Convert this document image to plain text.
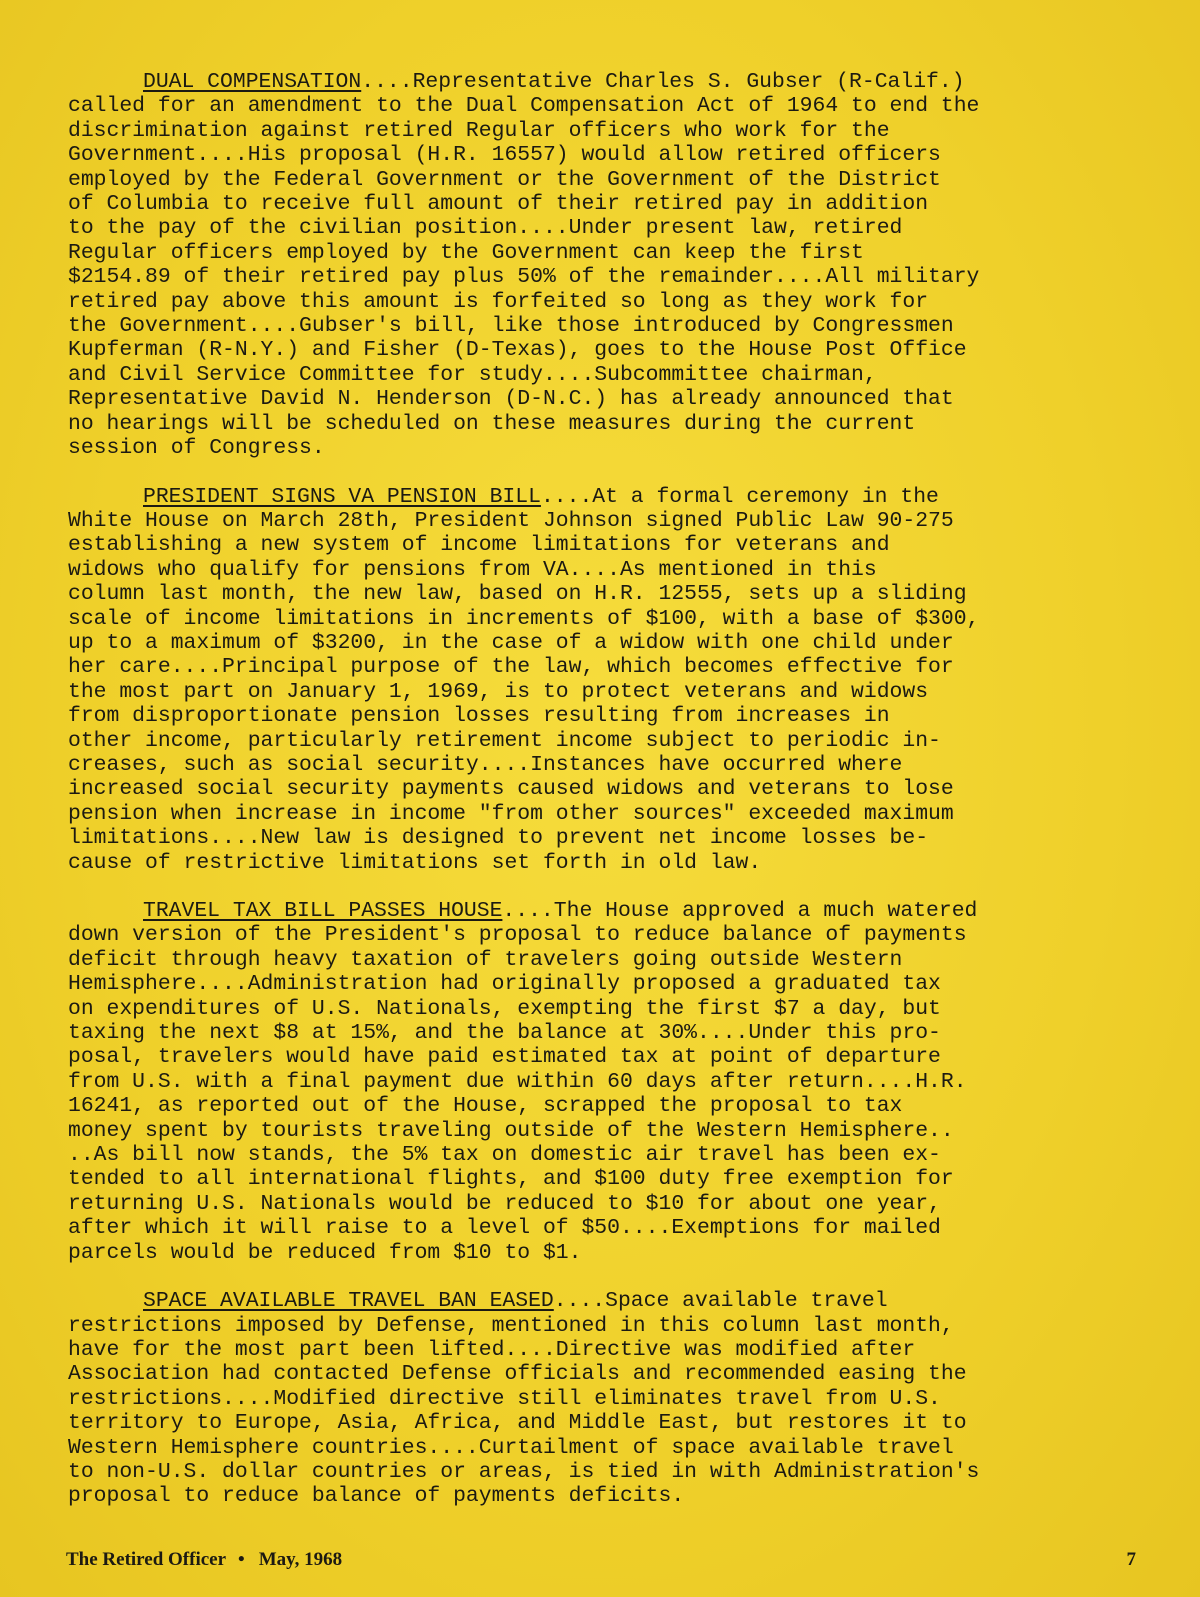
DUAL COMPENSATION....Representative Charles S. Gubser (R-Calif.)
called for an amendment to the Dual Compensation Act of 1964 to end the
discrimination against retired Regular officers who work for the
Government....His proposal (H.R. 16557) would allow retired officers
employed by the Federal Government or the Government of the District
of Columbia to receive full amount of their retired pay in addition
to the pay of the civilian position....Under present law, retired
Regular officers employed by the Government can keep the first
$2154.89 of their retired pay plus 50% of the remainder....All military
retired pay above this amount is forfeited so long as they work for
the Government....Gubser's bill, like those introduced by Congressmen
Kupferman (R-N.Y.) and Fisher (D-Texas), goes to the House Post Office
and Civil Service Committee for study....Subcommittee chairman,
Representative David N. Henderson (D-N.C.) has already announced that
no hearings will be scheduled on these measures during the current
session of Congress.
PRESIDENT SIGNS VA PENSION BILL....At a formal ceremony in the
White House on March 28th, President Johnson signed Public Law 90-275
establishing a new system of income limitations for veterans and
widows who qualify for pensions from VA....As mentioned in this
column last month, the new law, based on H.R. 12555, sets up a sliding
scale of income limitations in increments of $100, with a base of $300,
up to a maximum of $3200, in the case of a widow with one child under
her care....Principal purpose of the law, which becomes effective for
the most part on January 1, 1969, is to protect veterans and widows
from disproportionate pension losses resulting from increases in
other income, particularly retirement income subject to periodic in-
creases, such as social security....Instances have occurred where
increased social security payments caused widows and veterans to lose
pension when increase in income "from other sources" exceeded maximum
limitations....New law is designed to prevent net income losses be-
cause of restrictive limitations set forth in old law.
TRAVEL TAX BILL PASSES HOUSE....The House approved a much watered
down version of the President's proposal to reduce balance of payments
deficit through heavy taxation of travelers going outside Western
Hemisphere....Administration had originally proposed a graduated tax
on expenditures of U.S. Nationals, exempting the first $7 a day, but
taxing the next $8 at 15%, and the balance at 30%....Under this pro-
posal, travelers would have paid estimated tax at point of departure
from U.S. with a final payment due within 60 days after return....H.R.
16241, as reported out of the House, scrapped the proposal to tax
money spent by tourists traveling outside of the Western Hemisphere..
..As bill now stands, the 5% tax on domestic air travel has been ex-
tended to all international flights, and $100 duty free exemption for
returning U.S. Nationals would be reduced to $10 for about one year,
after which it will raise to a level of $50....Exemptions for mailed
parcels would be reduced from $10 to $1.
SPACE AVAILABLE TRAVEL BAN EASED....Space available travel
restrictions imposed by Defense, mentioned in this column last month,
have for the most part been lifted....Directive was modified after
Association had contacted Defense officials and recommended easing the
restrictions....Modified directive still eliminates travel from U.S.
territory to Europe, Asia, Africa, and Middle East, but restores it to
Western Hemisphere countries....Curtailment of space available travel
to non-U.S. dollar countries or areas, is tied in with Administration's
proposal to reduce balance of payments deficits.
The Retired Officer • May, 1968	7
